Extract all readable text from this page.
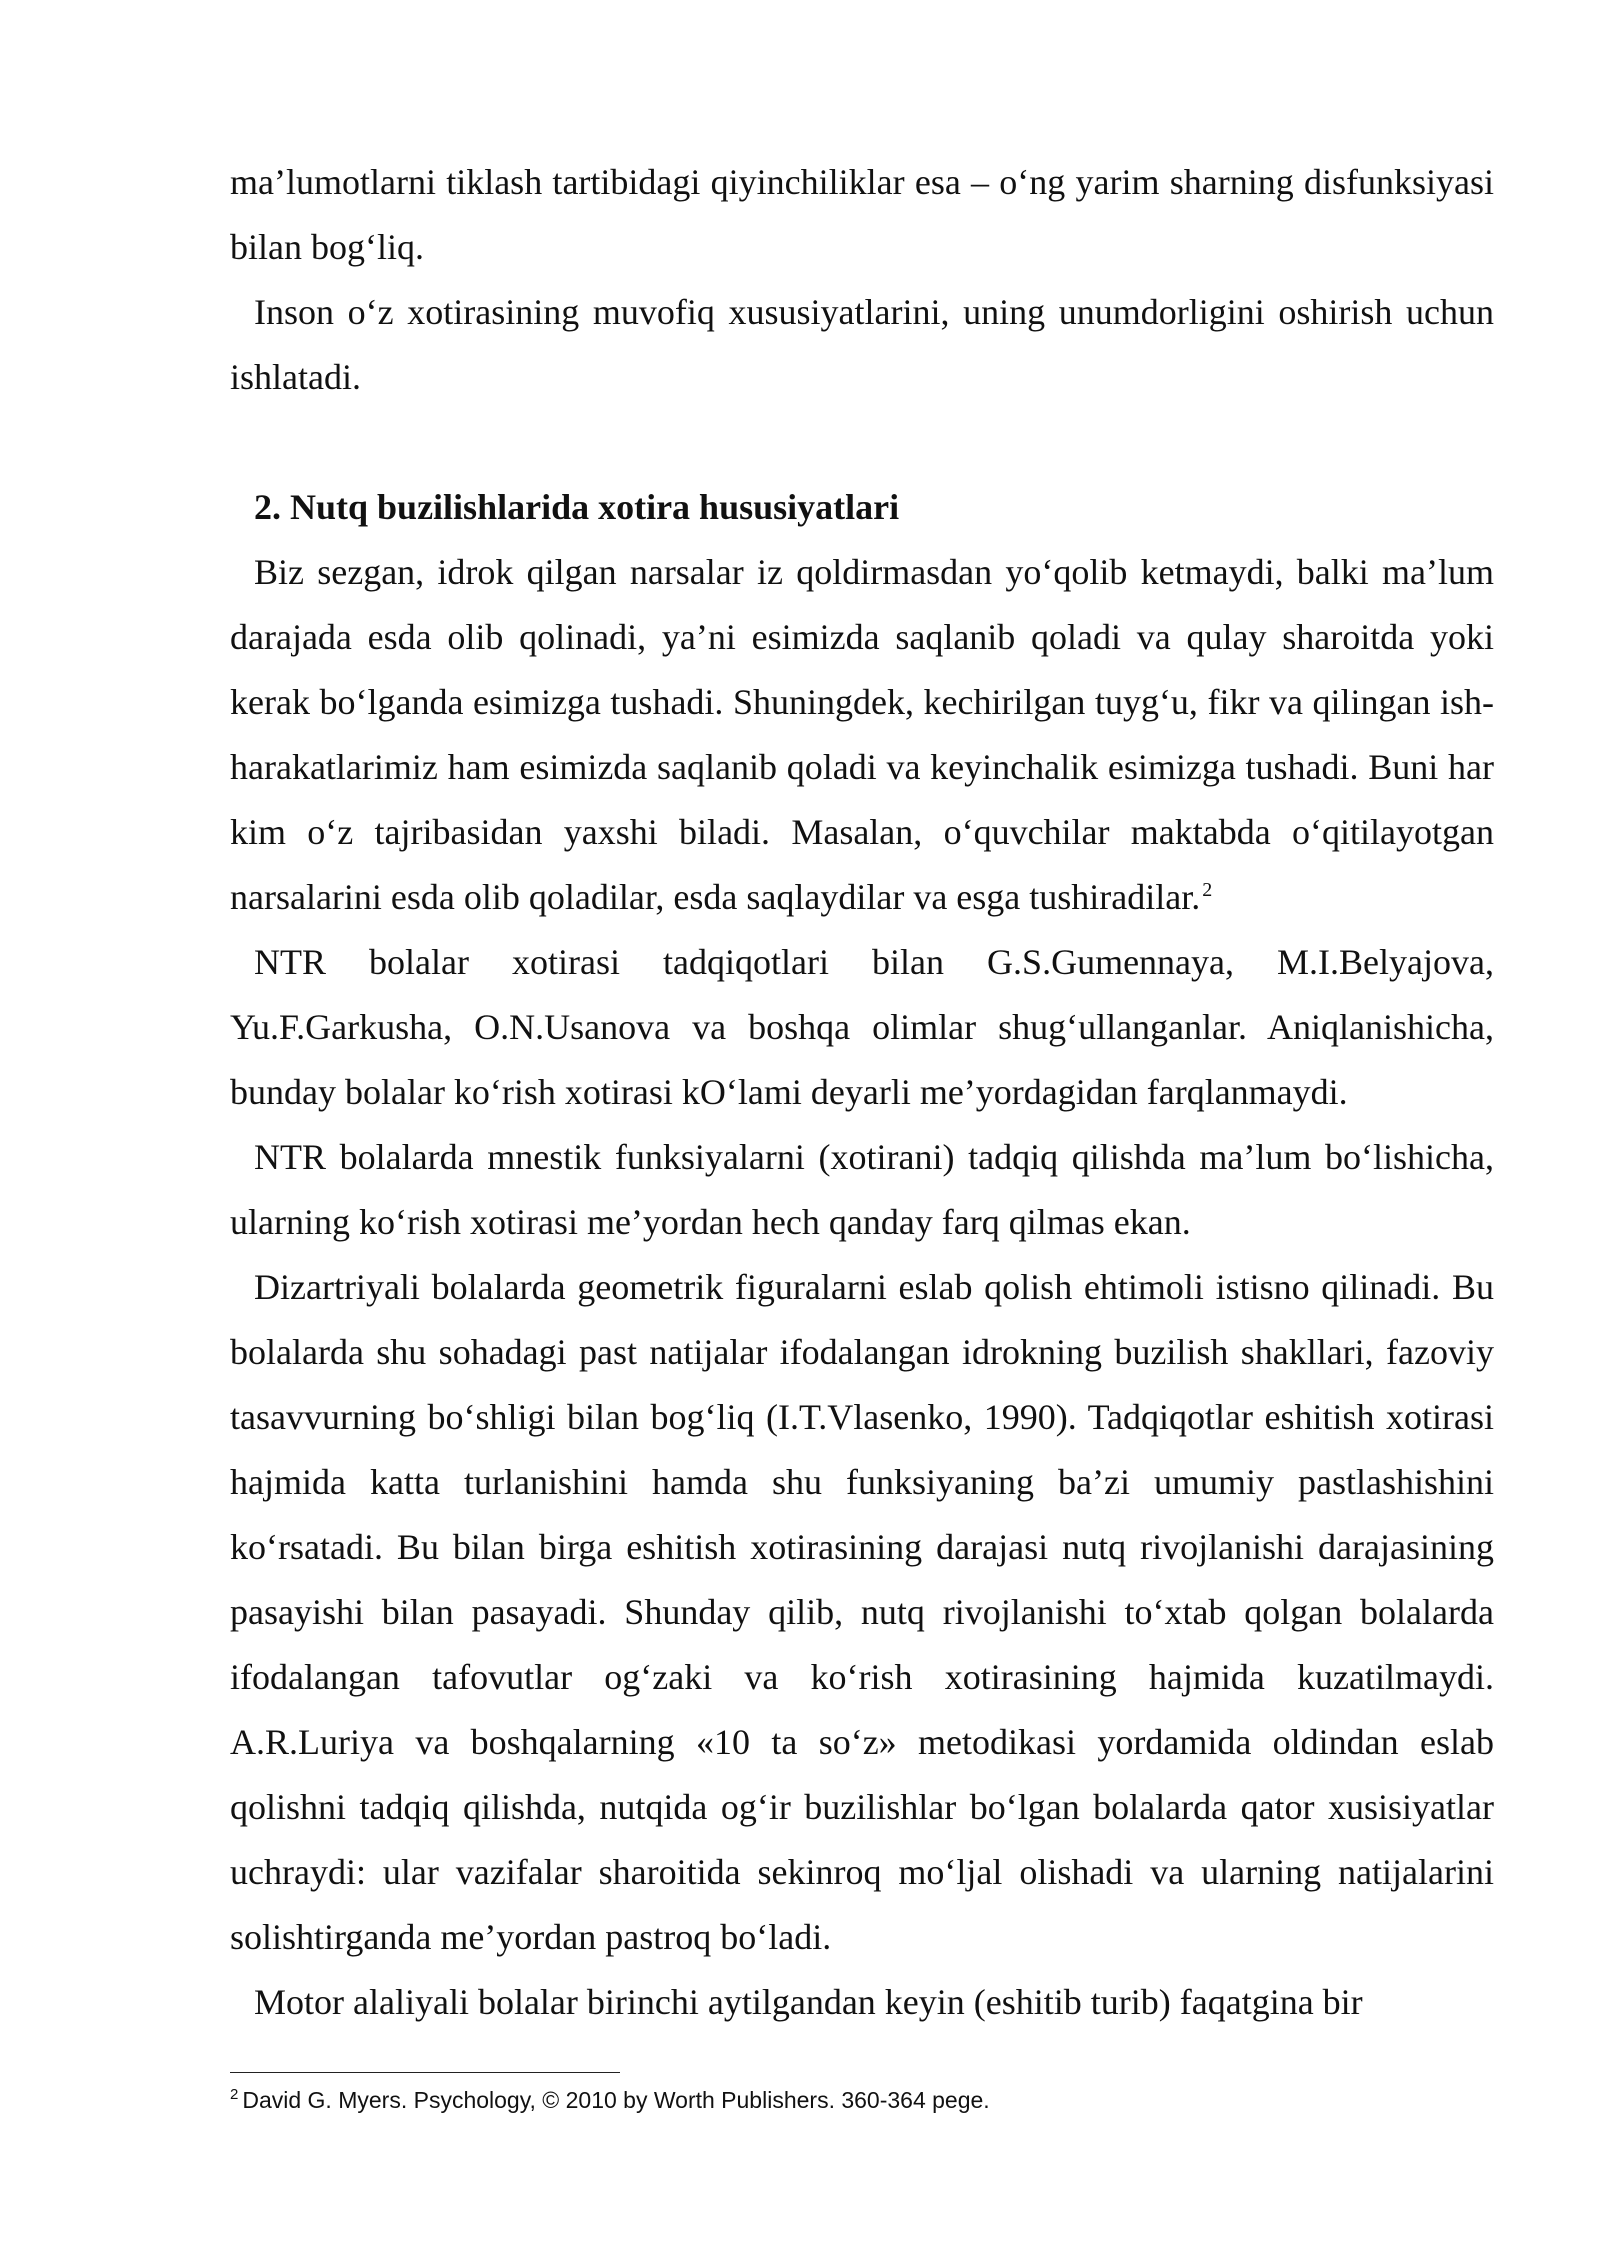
ma’lumotlarni tiklash tartibidagi qiyinchiliklar esa – o‘ng yarim sharning disfunksiyasi bilan bog‘liq.

Inson o‘z xotirasining muvofiq xususiyatlarini, uning unumdorligini oshirish uchun ishlatadi.

2. Nutq buzilishlarida xotira hususiyatlari

Biz sezgan, idrok qilgan narsalar iz qoldirmasdan yo‘qolib ketmaydi, balki ma’lum darajada esda olib qolinadi, ya’ni esimizda saqlanib qoladi va qulay sharoitda yoki kerak bo‘lganda esimizga tushadi. Shuningdek, kechirilgan tuyg‘u, fikr va qilingan ish-harakatlarimiz ham esimizda saqlanib qoladi va keyinchalik esimizga tushadi. Buni har kim o‘z tajribasidan yaxshi biladi. Masalan, o‘quvchilar maktabda o‘qitilayotgan narsalarini esda olib qoladilar, esda saqlaydilar va esga tushiradilar. $^2$

NTR bolalar xotirasi tadqiqotlari bilan G.S.Gumennaya, M.I.Belyajova, Yu.F.Garkusha, O.N.Usanova va boshqa olimlar shug‘ullanganlar. Aniqlanishicha, bunday bolalar ko‘rish xotirasi kO‘lami deyarli me’yordagidan farqlanmaydi.

NTR bolalarda mnestik funksiyalarni (xotirani) tadqiq qilishda ma’lum bo‘lishicha, ularning ko‘rish xotirasi me’yordan hech qanday farq qilmas ekan.

Dizartriyali bolalarda geometrik figuralarni eslab qolish ehtimoli istisno qilinadi. Bu bolalarda shu sohadagi past natijalar ifodalangan idrokning buzilish shakllari, fazoviy tasavvurning bo‘shligi bilan bog‘liq (I.T.Vlasenko, 1990). Tadqiqotlar eshitish xotirasi hajmida katta turlanishini hamda shu funksiyaning ba’zi umumiy pastlashishini ko‘rsatadi. Bu bilan birga eshitish xotirasining darajasi nutq rivojlanishi darajasining pasayishi bilan pasayadi. Shunday qilib, nutq rivojlanishi to‘xtab qolgan bolalarda ifodalangan tafovutlar og‘zaki va ko‘rish xotirasining hajmida kuzatilmaydi. A.R.Luriya va boshqalarning «10 ta so‘z» metodikasi yordamida oldindan eslab qolishni tadqiq qilishda, nutqida og‘ir buzilishlar bo‘lgan bolalarda qator xusisiyatlar uchraydi: ular vazifalar sharoitida sekinroq mo‘ljal olishadi va ularning natijalarini solishtirganda me’yordan pastroq bo‘ladi.

Motor alaliyali bolalar birinchi aytilgandan keyin (eshitib turib) faqatgina bir

$^2$ David G. Myers. Psychology, © 2010 by Worth Publishers. 360-364 pege.
